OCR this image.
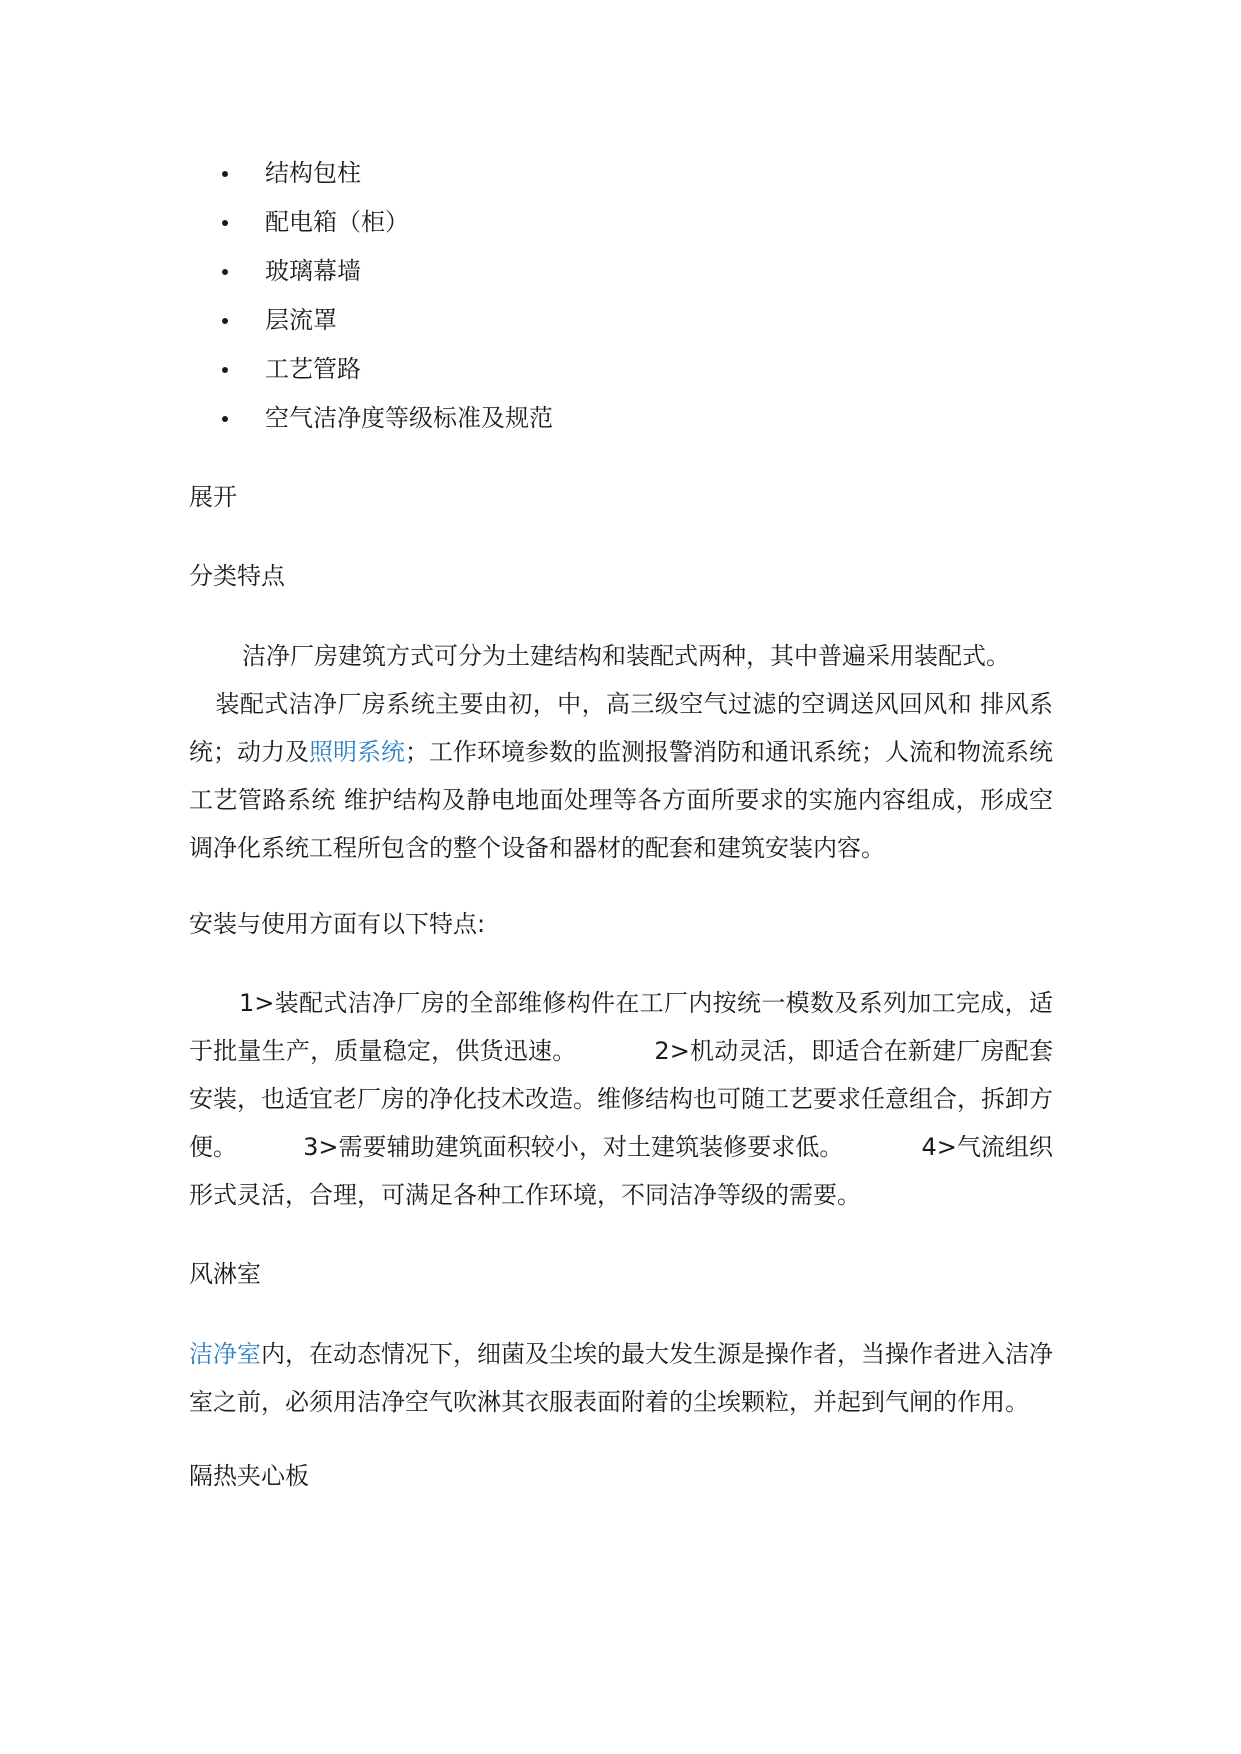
结构包柱
配电箱（柜）
玻璃幕墙
层流罩
工艺管路
空气洁净度等级标准及规范
展开
分类特点
洁净厂房建筑方式可分为土建结构和装配式两种，其中普遍采用装配式。
装配式洁净厂房系统主要由初，中，高三级空气过滤的空调送风回风和 排风系统；动力及照明系统；工作环境参数的监测报警消防和通讯系统；人流和物流系统 工艺管路系统 维护结构及静电地面处理等各方面所要求的实施内容组成，形成空调净化系统工程所包含的整个设备和器材的配套和建筑安装内容。
安装与使用方面有以下特点:
1>装配式洁净厂房的全部维修构件在工厂内按统一模数及系列加工完成，适于批量生产，质量稳定，供货迅速。	2>机动灵活，即适合在新建厂房配套安装，也适宜老厂房的净化技术改造。维修结构也可随工艺要求任意组合，拆卸方便。	3>需要辅助建筑面积较小，对土建筑装修要求低。	4>气流组织形式灵活，合理，可满足各种工作环境，不同洁净等级的需要。
风淋室
洁净室内，在动态情况下，细菌及尘埃的最大发生源是操作者，当操作者进入洁净室之前，必须用洁净空气吹淋其衣服表面附着的尘埃颗粒，并起到气闸的作用。
隔热夹心板
